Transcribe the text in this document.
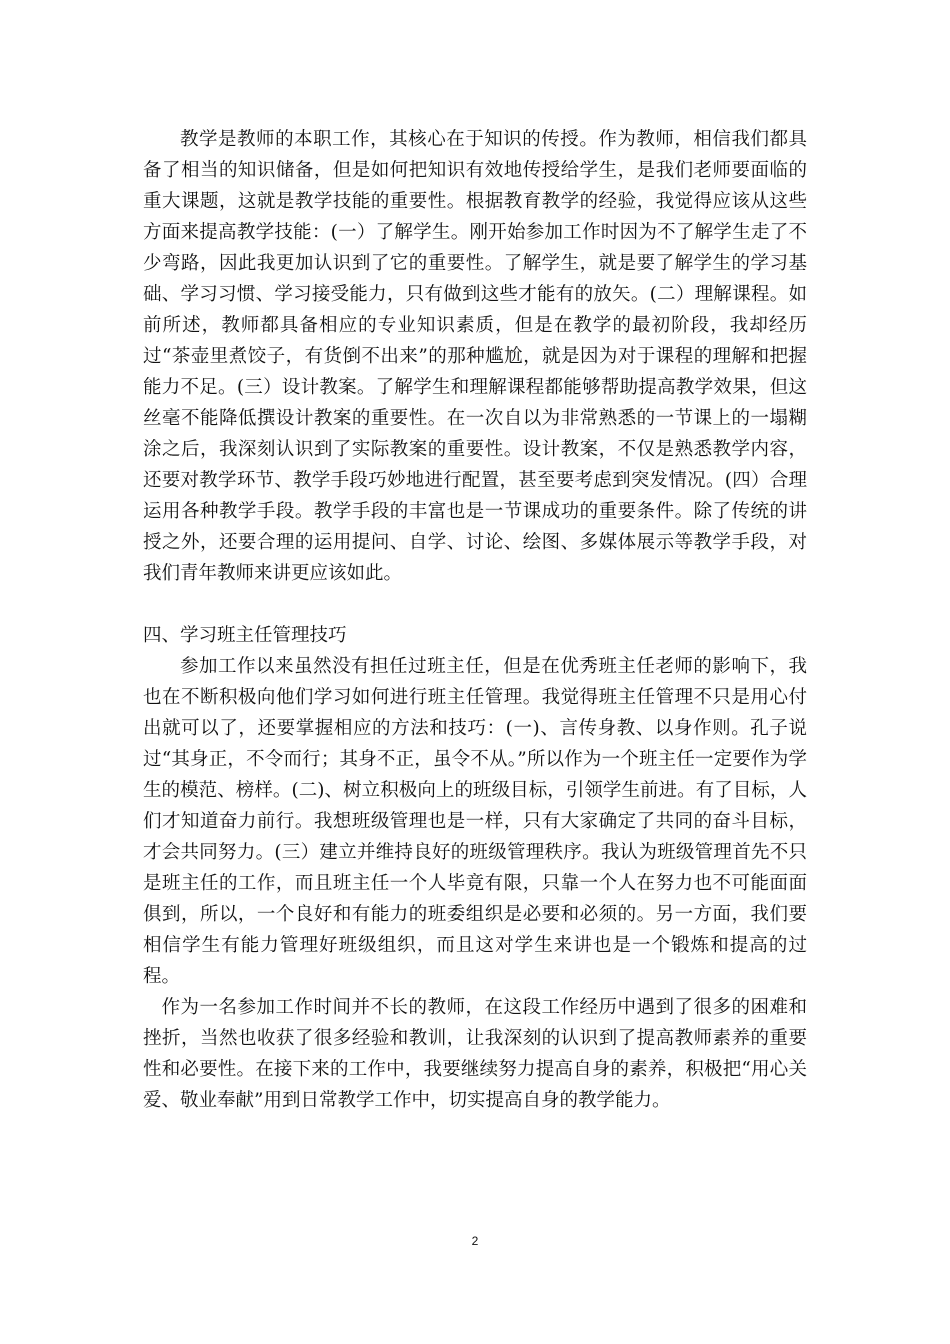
教学是教师的本职工作，其核心在于知识的传授。作为教师，相信我们都具备了相当的知识储备，但是如何把知识有效地传授给学生，是我们老师要面临的重大课题，这就是教学技能的重要性。根据教育教学的经验，我觉得应该从这些方面来提高教学技能：(一）了解学生。刚开始参加工作时因为不了解学生走了不少弯路，因此我更加认识到了它的重要性。了解学生，就是要了解学生的学习基础、学习习惯、学习接受能力，只有做到这些才能有的放矢。(二）理解课程。如前所述，教师都具备相应的专业知识素质，但是在教学的最初阶段，我却经历过“茶壶里煮饺子，有货倒不出来”的那种尴尬，就是因为对于课程的理解和把握能力不足。(三）设计教案。了解学生和理解课程都能够帮助提高教学效果，但这丝毫不能降低撰设计教案的重要性。在一次自以为非常熟悉的一节课上的一塌糊涂之后，我深刻认识到了实际教案的重要性。设计教案，不仅是熟悉教学内容，还要对教学环节、教学手段巧妙地进行配置，甚至要考虑到突发情况。(四）合理运用各种教学手段。教学手段的丰富也是一节课成功的重要条件。除了传统的讲授之外，还要合理的运用提问、自学、讨论、绘图、多媒体展示等教学手段，对我们青年教师来讲更应该如此。

四、学习班主任管理技巧

参加工作以来虽然没有担任过班主任，但是在优秀班主任老师的影响下，我也在不断积极向他们学习如何进行班主任管理。我觉得班主任管理不只是用心付出就可以了，还要掌握相应的方法和技巧：(一)、言传身教、以身作则。孔子说过“其身正，不令而行；其身不正，虽令不从。”所以作为一个班主任一定要作为学生的模范、榜样。(二)、树立积极向上的班级目标，引领学生前进。有了目标，人们才知道奋力前行。我想班级管理也是一样，只有大家确定了共同的奋斗目标，才会共同努力。(三）建立并维持良好的班级管理秩序。我认为班级管理首先不只是班主任的工作，而且班主任一个人毕竟有限，只靠一个人在努力也不可能面面俱到，所以，一个良好和有能力的班委组织是必要和必须的。另一方面，我们要相信学生有能力管理好班级组织，而且这对学生来讲也是一个锻炼和提高的过程。

作为一名参加工作时间并不长的教师，在这段工作经历中遇到了很多的困难和挫折，当然也收获了很多经验和教训，让我深刻的认识到了提高教师素养的重要性和必要性。在接下来的工作中，我要继续努力提高自身的素养，积极把“用心关爱、敬业奉献”用到日常教学工作中，切实提高自身的教学能力。

2
